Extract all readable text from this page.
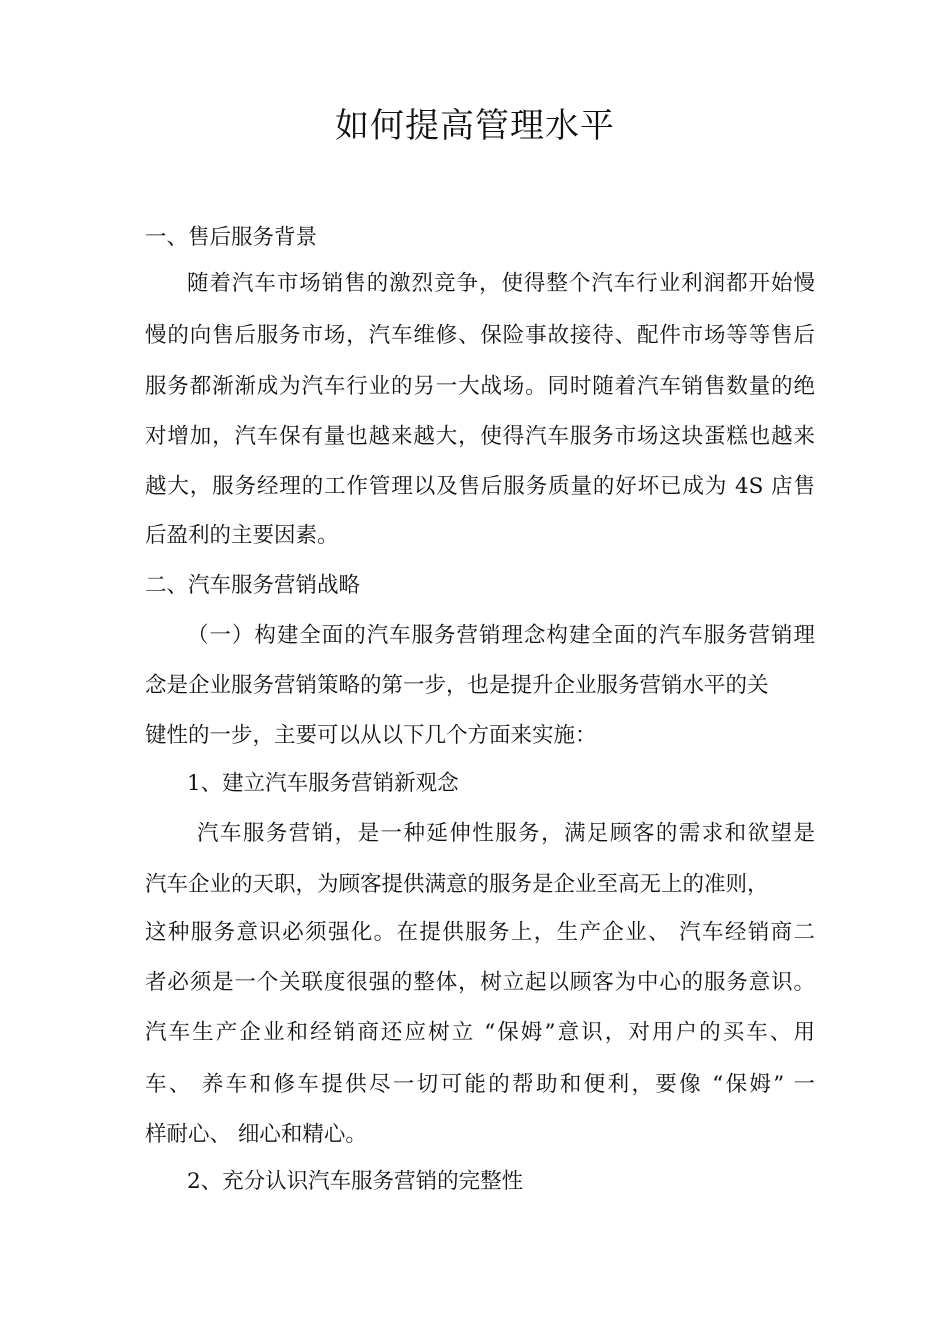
如何提高管理水平
一、售后服务背景
随着汽车市场销售的激烈竞争，使得整个汽车行业利润都开始慢
慢的向售后服务市场，汽车维修、保险事故接待、配件市场等等售后
服务都渐渐成为汽车行业的另一大战场。同时随着汽车销售数量的绝
对增加，汽车保有量也越来越大，使得汽车服务市场这块蛋糕也越来
越大，服务经理的工作管理以及售后服务质量的好坏已成为 4S 店售
后盈利的主要因素。
二、汽车服务营销战略
（一）构建全面的汽车服务营销理念构建全面的汽车服务营销理
念是企业服务营销策略的第一步，也是提升企业服务营销水平的关
键性的一步，主要可以从以下几个方面来实施：
1、建立汽车服务营销新观念
汽车服务营销，是一种延伸性服务，满足顾客的需求和欲望是
汽车企业的天职，为顾客提供满意的服务是企业至高无上的准则，
这种服务意识必须强化。在提供服务上，生产企业、 汽车经销商二
者必须是一个关联度很强的整体，树立起以顾客为中心的服务意识。
汽车生产企业和经销商还应树立 “保姆”意识，对用户的买车、用
车、 养车和修车提供尽一切可能的帮助和便利，要像 “保姆” 一
样耐心、 细心和精心。
2、充分认识汽车服务营销的完整性
